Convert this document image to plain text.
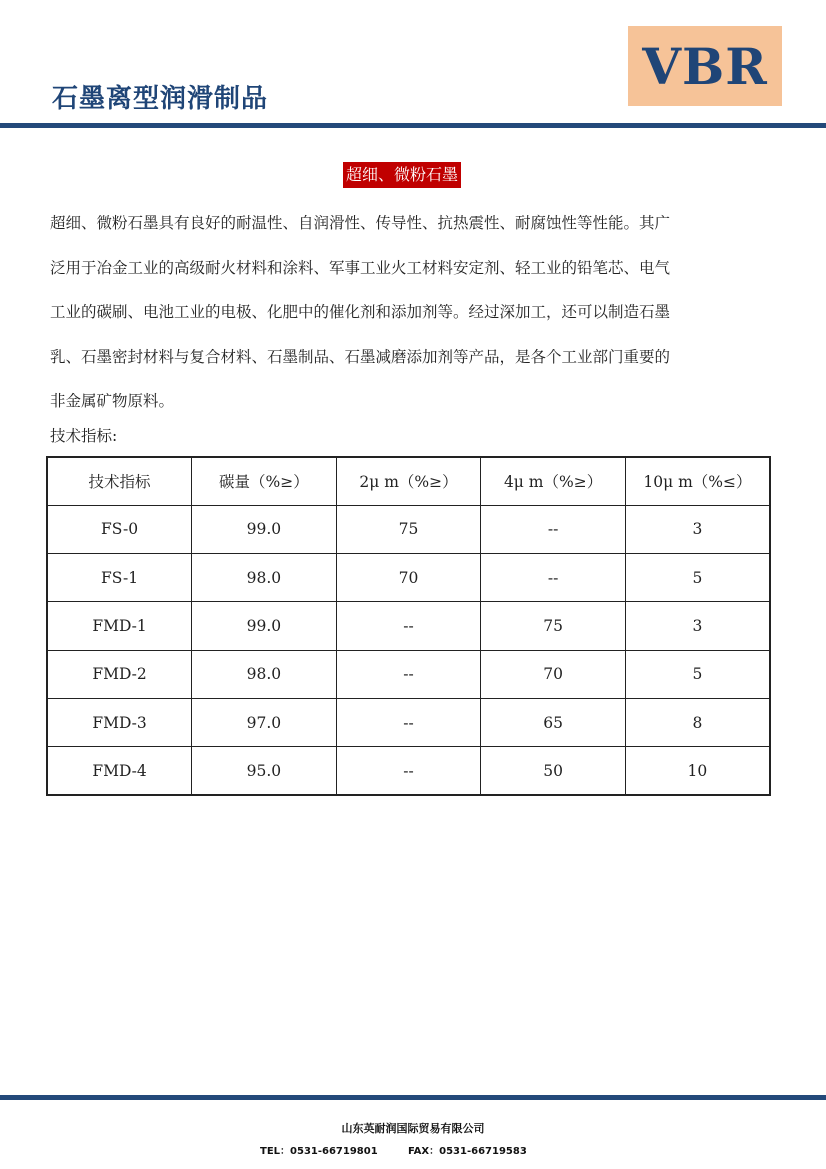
石墨离型润滑制品
VBR
超细、微粉石墨
超细、微粉石墨具有良好的耐温性、自润滑性、传导性、抗热震性、耐腐蚀性等性能。其广
泛用于冶金工业的高级耐火材料和涂料、军事工业火工材料安定剂、轻工业的铅笔芯、电气
工业的碳刷、电池工业的电极、化肥中的催化剂和添加剂等。经过深加工，还可以制造石墨
乳、石墨密封材料与复合材料、石墨制品、石墨减磨添加剂等产品，是各个工业部门重要的
非金属矿物原料。
技术指标:
技术指标	碳量（%≥）	2μ m（%≥）	4μ m（%≥）	10μ m（%≤）
FS-0	99.0	75	--	3
FS-1	98.0	70	--	5
FMD-1	99.0	--	75	3
FMD-2	98.0	--	70	5
FMD-3	97.0	--	65	8
FMD-4	95.0	--	50	10
山东英耐润国际贸易有限公司
TEL：0531-66719801	FAX：0531-66719583
